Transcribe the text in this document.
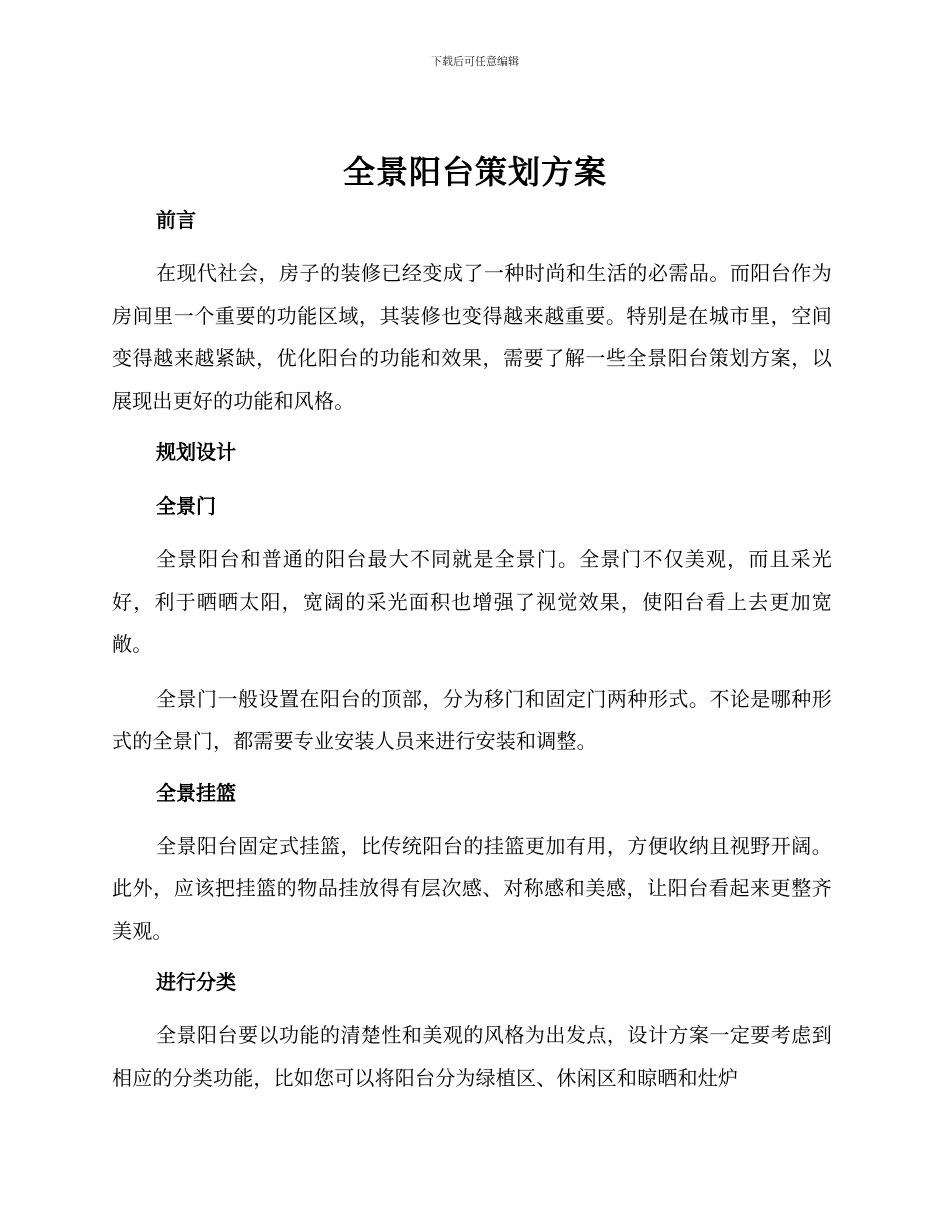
下载后可任意编辑
全景阳台策划方案
前言

在现代社会，房子的装修已经变成了一种时尚和生活的必需品。而阳台作为房间里一个重要的功能区域，其装修也变得越来越重要。特别是在城市里，空间变得越来越紧缺，优化阳台的功能和效果，需要了解一些全景阳台策划方案，以展现出更好的功能和风格。

规划设计
全景门

全景阳台和普通的阳台最大不同就是全景门。全景门不仅美观，而且采光好，利于晒晒太阳，宽阔的采光面积也增强了视觉效果，使阳台看上去更加宽敞。

全景门一般设置在阳台的顶部，分为移门和固定门两种形式。不论是哪种形式的全景门，都需要专业安装人员来进行安装和调整。

全景挂篮

全景阳台固定式挂篮，比传统阳台的挂篮更加有用，方便收纳且视野开阔。此外，应该把挂篮的物品挂放得有层次感、对称感和美感，让阳台看起来更整齐美观。

进行分类

全景阳台要以功能的清楚性和美观的风格为出发点，设计方案一定要考虑到相应的分类功能，比如您可以将阳台分为绿植区、休闲区和晾晒和灶炉
